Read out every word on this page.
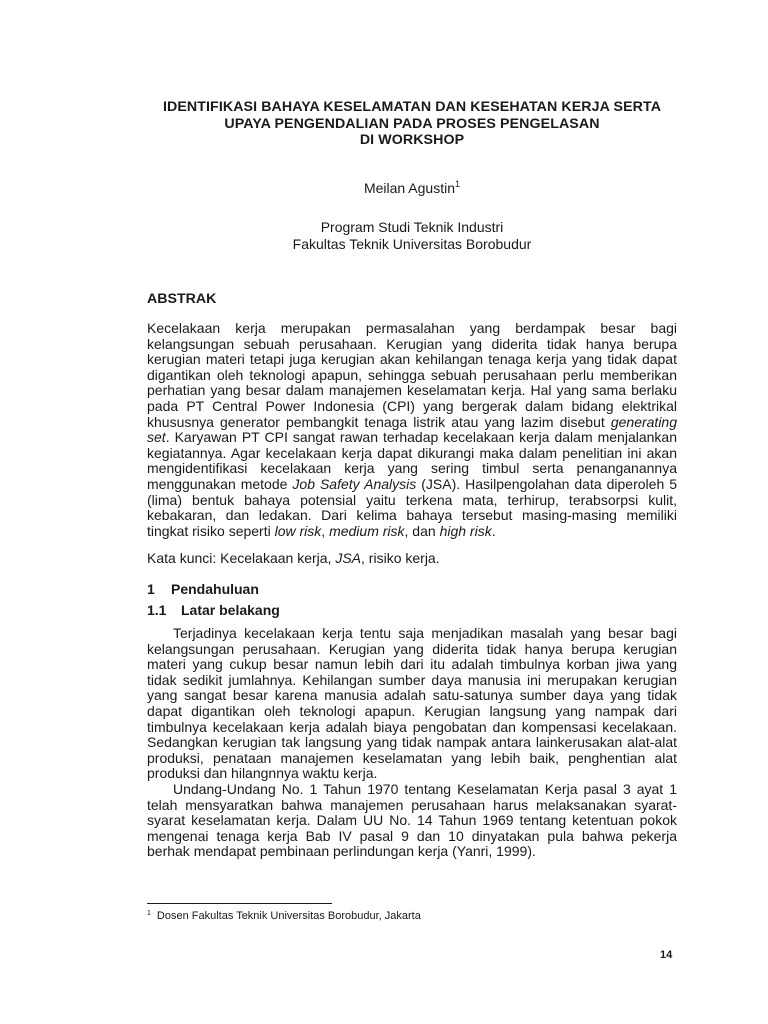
IDENTIFIKASI BAHAYA KESELAMATAN DAN KESEHATAN KERJA SERTA
UPAYA PENGENDALIAN PADA PROSES PENGELASAN
DI WORKSHOP
Meilan Agustin$^1$
Program Studi Teknik Industri
Fakultas Teknik Universitas Borobudur
ABSTRAK
Kecelakaan kerja merupakan permasalahan yang berdampak besar bagi
kelangsungan sebuah perusahaan. Kerugian yang diderita tidak hanya berupa
kerugian materi tetapi juga kerugian akan kehilangan tenaga kerja yang tidak dapat
digantikan oleh teknologi apapun, sehingga sebuah perusahaan perlu memberikan
perhatian yang besar dalam manajemen keselamatan kerja. Hal yang sama berlaku
pada PT Central Power Indonesia (CPI) yang bergerak dalam bidang elektrikal
khususnya generator pembangkit tenaga listrik atau yang lazim disebut generating
set. Karyawan PT CPI sangat rawan terhadap kecelakaan kerja dalam menjalankan
kegiatannya. Agar kecelakaan kerja dapat dikurangi maka dalam penelitian ini akan
mengidentifikasi kecelakaan kerja yang sering timbul serta penanganannya
menggunakan metode Job Safety Analysis (JSA). Hasilpengolahan data diperoleh 5
(lima) bentuk bahaya potensial yaitu terkena mata, terhirup, terabsorpsi kulit,
kebakaran, dan ledakan. Dari kelima bahaya tersebut masing-masing memiliki
tingkat risiko seperti low risk, medium risk, dan high risk.
Kata kunci: Kecelakaan kerja, JSA, risiko kerja.
1 Pendahuluan
1.1 Latar belakang
Terjadinya kecelakaan kerja tentu saja menjadikan masalah yang besar bagi
kelangsungan perusahaan. Kerugian yang diderita tidak hanya berupa kerugian
materi yang cukup besar namun lebih dari itu adalah timbulnya korban jiwa yang
tidak sedikit jumlahnya. Kehilangan sumber daya manusia ini merupakan kerugian
yang sangat besar karena manusia adalah satu-satunya sumber daya yang tidak
dapat digantikan oleh teknologi apapun. Kerugian langsung yang nampak dari
timbulnya kecelakaan kerja adalah biaya pengobatan dan kompensasi kecelakaan.
Sedangkan kerugian tak langsung yang tidak nampak antara lainkerusakan alat-alat
produksi, penataan manajemen keselamatan yang lebih baik, penghentian alat
produksi dan hilangnnya waktu kerja.
Undang-Undang No. 1 Tahun 1970 tentang Keselamatan Kerja pasal 3 ayat 1
telah mensyaratkan bahwa manajemen perusahaan harus melaksanakan syarat-
syarat keselamatan kerja. Dalam UU No. 14 Tahun 1969 tentang ketentuan pokok
mengenai tenaga kerja Bab IV pasal 9 dan 10 dinyatakan pula bahwa pekerja
berhak mendapat pembinaan perlindungan kerja (Yanri, 1999).
$^1$ Dosen Fakultas Teknik Universitas Borobudur, Jakarta
14
